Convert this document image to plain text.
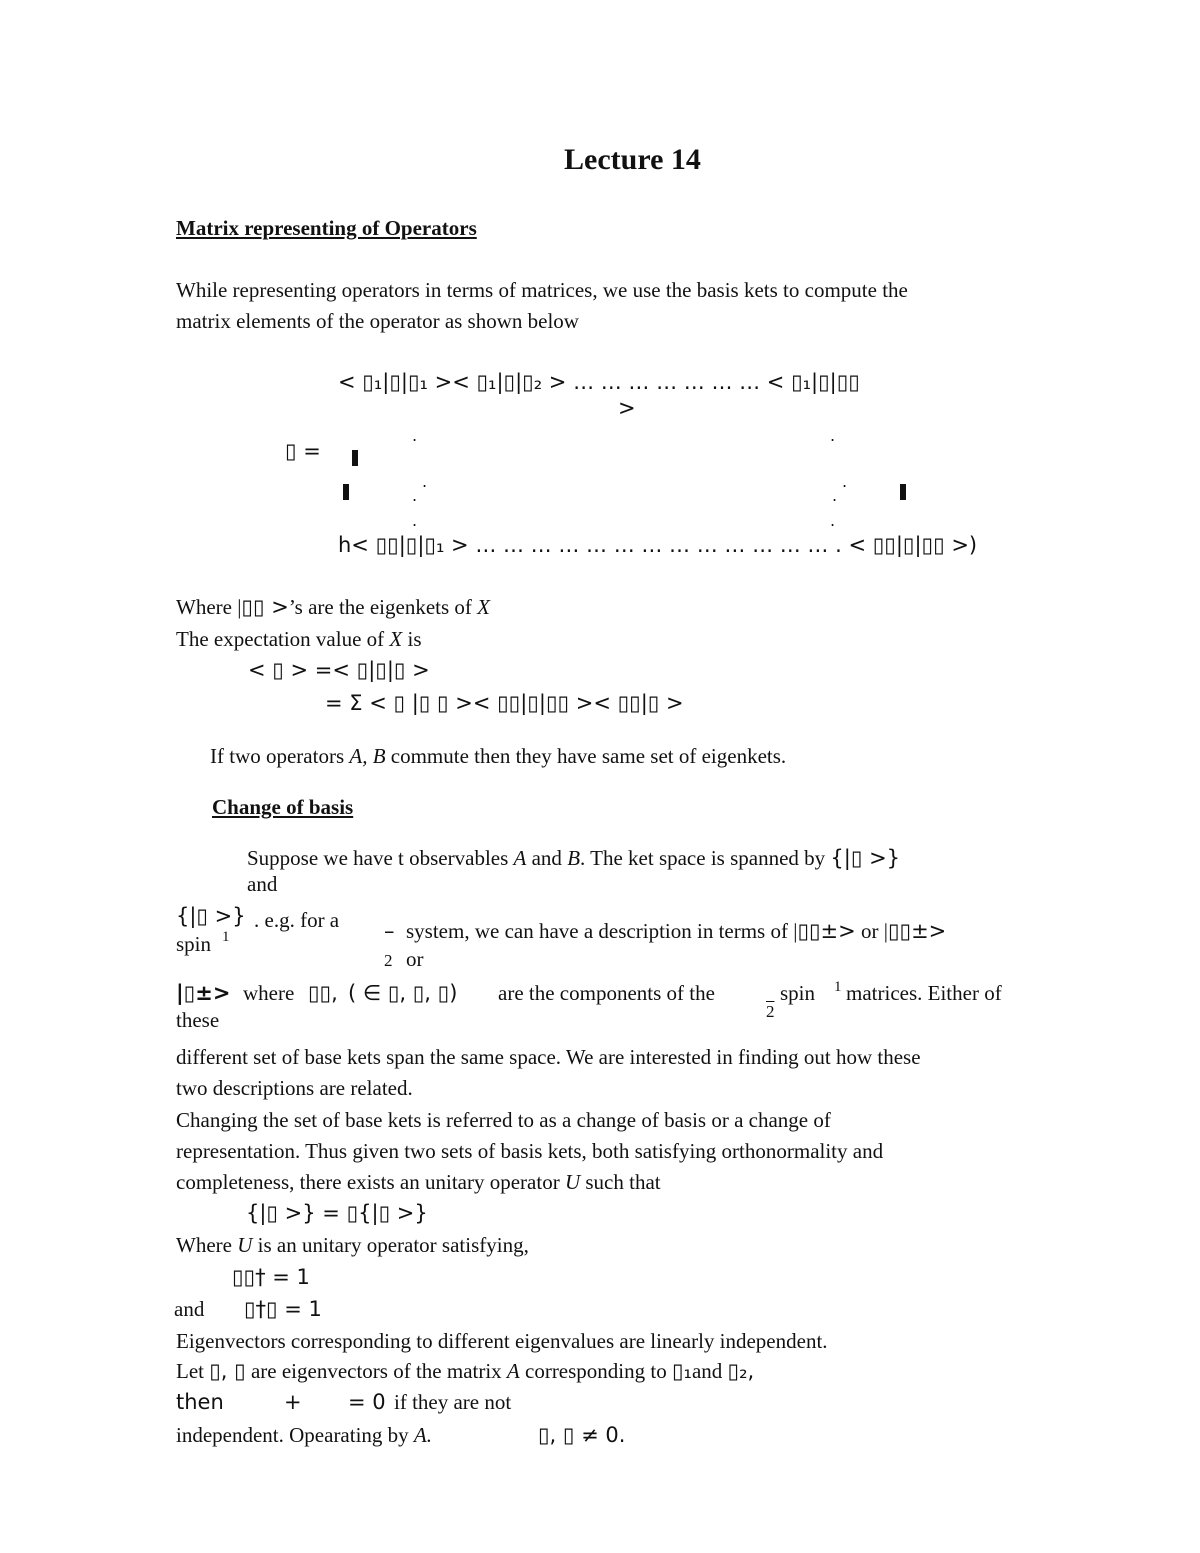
Lecture 14
Matrix representing of Operators
While representing operators in terms of matrices, we use the basis kets to compute the
matrix elements of the operator as shown below
< ▯₁|▯|▯₁ >< ▯₁|▯|▯₂ > … … … … … … … < ▯₁|▯|▯▯
>
▯ =
.	.
.	.
.	.
.	.
h< ▯▯|▯|▯₁ > … … … … … … … … … … … … … . < ▯▯|▯|▯▯ >)
Where |▯▯ >’s are the eigenkets of X
The expectation value of X is
< ▯ > =< ▯|▯|▯ >
= Σ < ▯ |▯ ▯ >< ▯▯|▯|▯▯ >< ▯▯|▯ >
If two operators A, B commute then they have same set of eigenkets.
Change of basis
Suppose we have t observables A and B. The ket space is spanned by {|▯ >}
and
{|▯ >} . e.g. for a
spin 1	– system, we can have a description in terms of |▯▯±> or |▯▯±>
2 or
|▯±> where ▯▯, ( ∈ ▯, ▯, ▯) are the components of the	spin 1
2
matrices. Either of
these
different set of base kets span the same space. We are interested in finding out how these
two descriptions are related.
Changing the set of base kets is referred to as a change of basis or a change of
representation. Thus given two sets of basis kets, both satisfying orthonormality and
completeness, there exists an unitary operator U such that
{|▯ >} = ▯{|▯ >}
Where U is an unitary operator satisfying,
▯▯† = 1
and ▯†▯ = 1
Eigenvectors corresponding to different eigenvalues are linearly independent.
Let ▯, ▯ are eigenvectors of the matrix A corresponding to ▯₁and ▯₂,
then	+ = 0 if they are not
independent. Opearating by A.	▯, ▯ ≠ 0.
